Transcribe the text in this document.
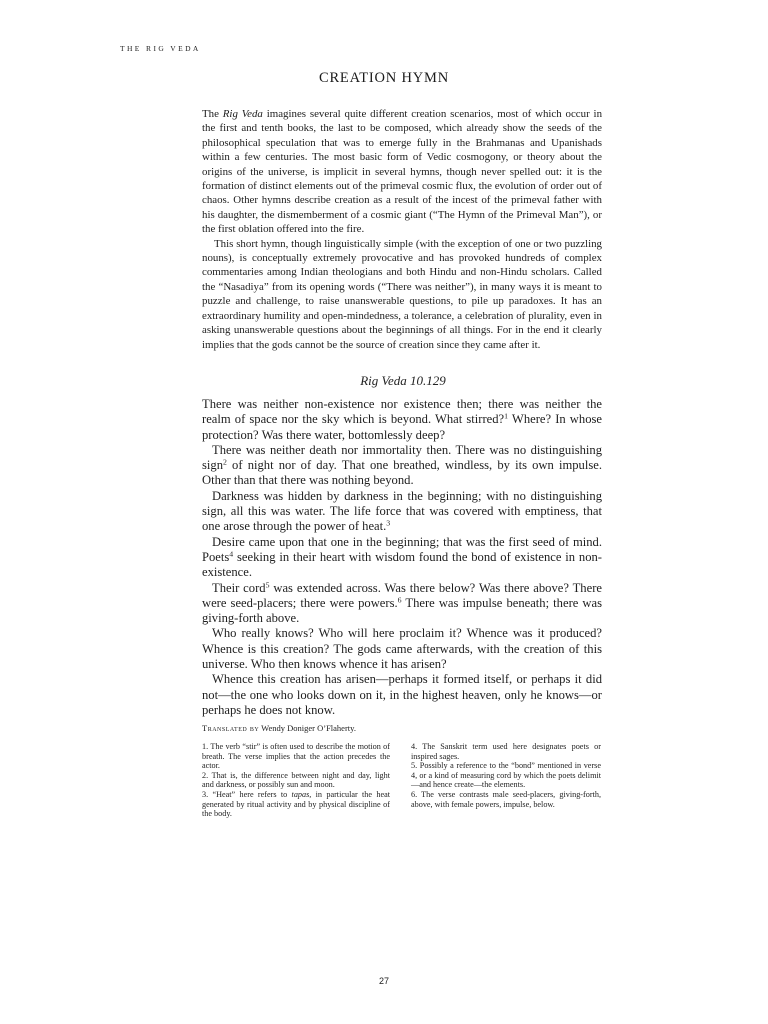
THE RIG VEDA
CREATION HYMN

The Rig Veda imagines several quite different creation scenarios, most of which occur in the first and tenth books, the last to be composed, which already show the seeds of the philosophical speculation that was to emerge fully in the Brahmanas and Upanishads within a few centuries. The most basic form of Vedic cosmogony, or theory about the origins of the universe, is implicit in several hymns, though never spelled out: it is the formation of distinct elements out of the primeval cosmic flux, the evolution of order out of chaos. Other hymns describe creation as a result of the incest of the primeval father with his daughter, the dismemberment of a cosmic giant (“The Hymn of the Primeval Man”), or the first oblation offered into the fire.

This short hymn, though linguistically simple (with the exception of one or two puzzling nouns), is conceptually extremely provocative and has provoked hundreds of complex commentaries among Indian theologians and both Hindu and non-Hindu scholars. Called the “Nasadiya” from its opening words (“There was neither”), in many ways it is meant to puzzle and challenge, to raise unanswerable questions, to pile up paradoxes. It has an extraordinary humility and open-mindedness, a tolerance, a celebration of plurality, even in asking unanswerable questions about the beginnings of all things. For in the end it clearly implies that the gods cannot be the source of creation since they came after it.

Rig Veda 10.129

There was neither non-existence nor existence then; there was neither the realm of space nor the sky which is beyond. What stirred?$^1$ Where? In whose protection? Was there water, bottomlessly deep?

There was neither death nor immortality then. There was no distinguishing sign$^2$ of night nor of day. That one breathed, windless, by its own impulse. Other than that there was nothing beyond.

Darkness was hidden by darkness in the beginning; with no distinguishing sign, all this was water. The life force that was covered with emptiness, that one arose through the power of heat.$^3$

Desire came upon that one in the beginning; that was the first seed of mind. Poets$^4$ seeking in their heart with wisdom found the bond of existence in non-existence.

Their cord$^5$ was extended across. Was there below? Was there above? There were seed-placers; there were powers.$^6$ There was impulse beneath; there was giving-forth above.

Who really knows? Who will here proclaim it? Whence was it produced? Whence is this creation? The gods came afterwards, with the creation of this universe. Who then knows whence it has arisen?

Whence this creation has arisen—perhaps it formed itself, or perhaps it did not—the one who looks down on it, in the highest heaven, only he knows—or perhaps he does not know.

Translated by Wendy Doniger O’Flaherty.

1. The verb “stir” is often used to describe the motion of breath. The verse implies that the action precedes the actor.

2. That is, the difference between night and day, light and darkness, or possibly sun and moon.

3. “Heat” here refers to tapas, in particular the heat generated by ritual activity and by physical discipline of the body.

4. The Sanskrit term used here designates poets or inspired sages.

5. Possibly a reference to the “bond” mentioned in verse 4, or a kind of measuring cord by which the poets delimit—and hence create—the elements.

6. The verse contrasts male seed-placers, giving-forth, above, with female powers, impulse, below.

27
